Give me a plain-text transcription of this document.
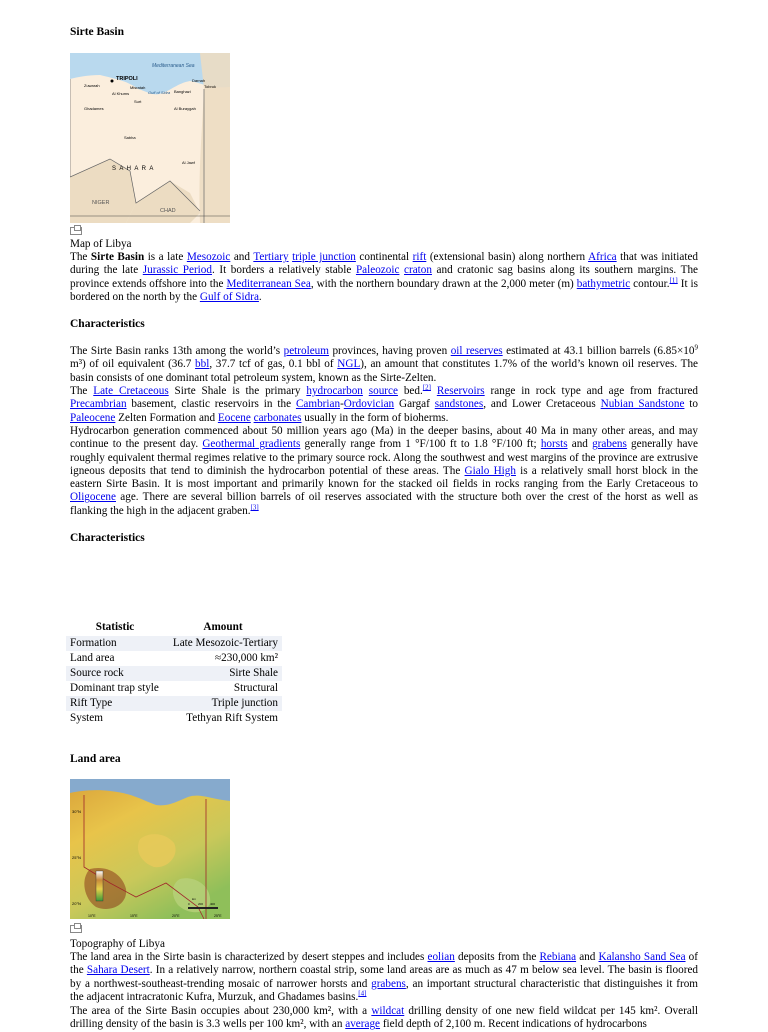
Sirte Basin
Mediterranean Sea
Gulf of Sidra
TRIPOLI
Zuwarah	Misratah
Al Khums	Banghazi
Darnah
Tobruk
Ghadames
Surt
Al Buraygah
Sabha
Al Jawf
S A H A R A
NIGER
CHAD
Map of Libya

The Sirte Basin is a late Mesozoic and Tertiary triple junction continental rift (extensional basin) along northern Africa that was initiated during the late Jurassic Period. It borders a relatively stable Paleozoic craton and cratonic sag basins along its southern margins. The province extends offshore into the Mediterranean Sea, with the northern boundary drawn at the 2,000 meter (m) bathymetric contour.[1] It is bordered on the north by the Gulf of Sidra.

Characteristics

The Sirte Basin ranks 13th among the world’s petroleum provinces, having proven oil reserves estimated at 43.1 billion barrels ($6.85\times 10^9$ m³) of oil equivalent (36.7 bbl, 37.7 tcf of gas, 0.1 bbl of NGL), an amount that constitutes 1.7% of the world’s known oil reserves. The basin consists of one dominant total petroleum system, known as the Sirte-Zelten.

The Late Cretaceous Sirte Shale is the primary hydrocarbon source bed.[2] Reservoirs range in rock type and age from fractured Precambrian basement, clastic reservoirs in the Cambrian-Ordovician Gargaf sandstones, and Lower Cretaceous Nubian Sandstone to Paleocene Zelten Formation and Eocene carbonates usually in the form of bioherms.

Hydrocarbon generation commenced about 50 million years ago (Ma) in the deeper basins, about 40 Ma in many other areas, and may continue to the present day. Geothermal gradients generally range from 1 °F/100 ft to 1.8 °F/100 ft; horsts and grabens generally have roughly equivalent thermal regimes relative to the primary source rock. Along the southwest and west margins of the province are extrusive igneous deposits that tend to diminish the hydrocarbon potential of these areas. The Gialo High is a relatively small horst block in the eastern Sirte Basin. It is most important and primarily known for the stacked oil fields in rocks ranging from the Early Cretaceous to Oligocene age. There are several billion barrels of oil reserves associated with the structure both over the crest of the horst as well as flanking the high in the adjacent graben.[3]

Characteristics
Statistic	Amount
Formation	Late Mesozoic-Tertiary
Land area	≈230,000 km²
Source rock	Sirte Shale
Dominant trap style	Structural
Rift Type	Triple junction
System	Tethyan Rift System
Land area
30°N
25°N
20°N
10°E	15°E	20°E	25°E
0	200 400
km
Topography of Libya

The land area in the Sirte basin is characterized by desert steppes and includes eolian deposits from the Rebiana and Kalansho Sand Sea of the Sahara Desert. In a relatively narrow, northern coastal strip, some land areas are as much as 47 m below sea level. The basin is floored by a northwest-southeast-trending mosaic of narrower horsts and grabens, an important structural characteristic that distinguishes it from the adjacent intracratonic Kufra, Murzuk, and Ghadames basins.[4]

The area of the Sirte Basin occupies about 230,000 km², with a wildcat drilling density of one new field wildcat per 145 km². Overall drilling density of the basin is 3.3 wells per 100 km², with an average field depth of 2,100 m. Recent indications of hydrocarbons
